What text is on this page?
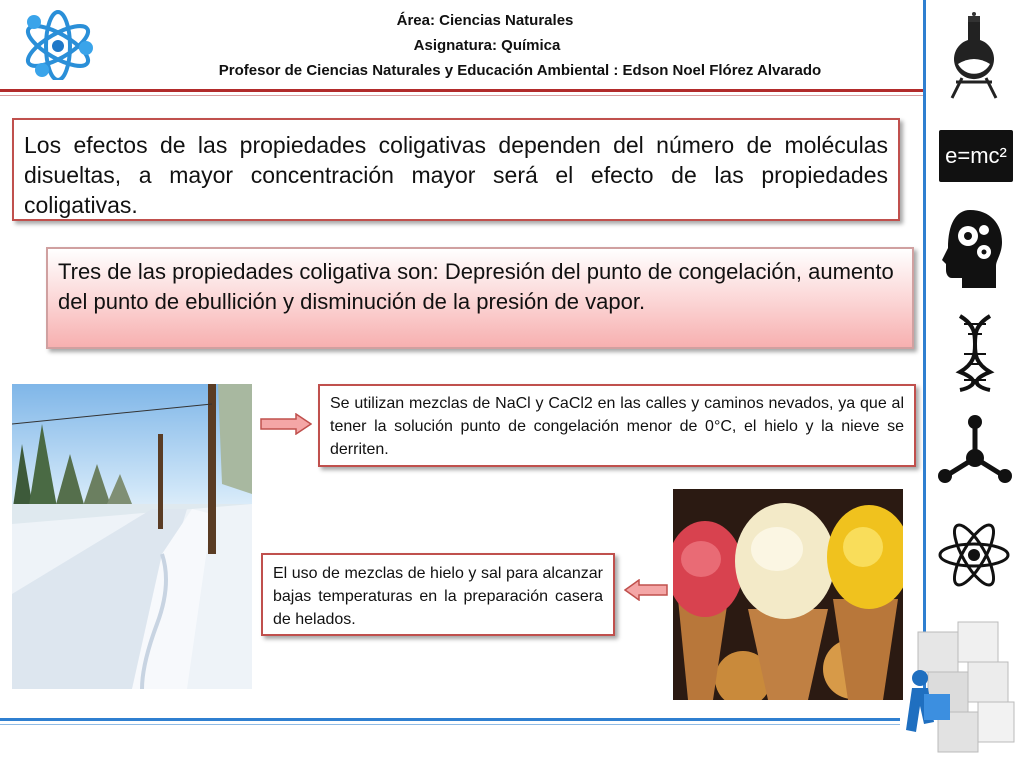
Área: Ciencias Naturales
Asignatura: Química
Profesor de Ciencias Naturales y Educación Ambiental : Edson Noel Flórez Alvarado
Los efectos de las propiedades coligativas dependen del número de moléculas disueltas, a mayor concentración mayor será el efecto de las propiedades coligativas.
Tres de las propiedades coligativa son: Depresión del punto de congelación, aumento del punto de ebullición y disminución de la presión de vapor.
Se utilizan mezclas de NaCl y CaCl2 en las calles y caminos nevados, ya que al tener la solución punto de congelación menor de 0°C, el hielo y la nieve se derriten.
El uso de mezclas de hielo y sal para alcanzar bajas temperaturas en la preparación casera de helados.
e=mc²
